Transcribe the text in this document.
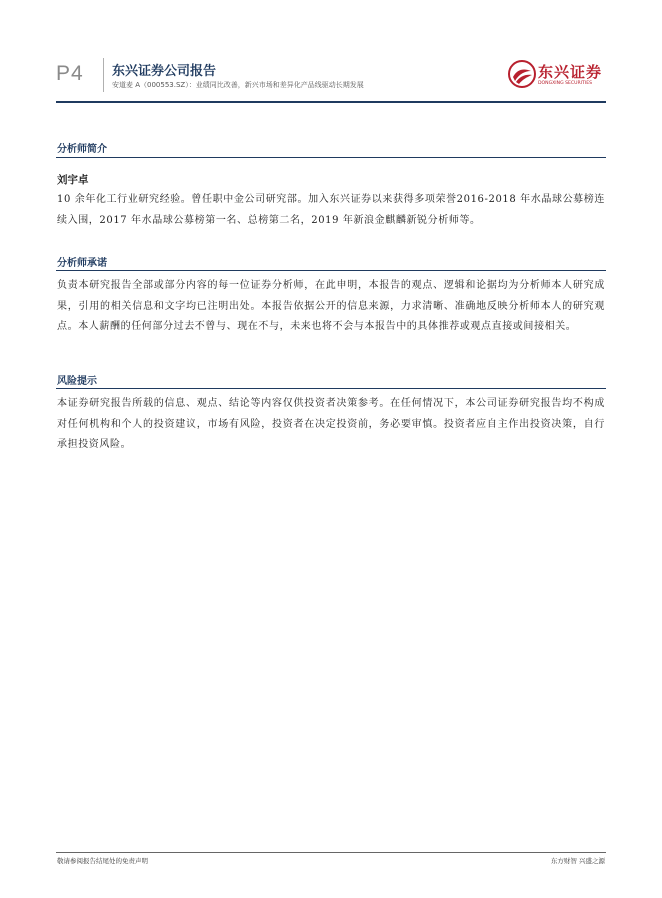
P4 东兴证券公司报告
安道麦 A（000553.SZ）：业绩同比改善，新兴市场和差异化产品线驱动长期发展
东兴证券
DONGXING SECURITIES
分析师简介
刘宇卓
10 余年化工行业研究经验。曾任职中金公司研究部。加入东兴证券以来获得多项荣誉2016-2018 年水晶球公募榜连续入围，2017 年水晶球公募榜第一名、总榜第二名，2019 年新浪金麒麟新锐分析师等。
分析师承诺
负责本研究报告全部或部分内容的每一位证券分析师，在此申明，本报告的观点、逻辑和论据均为分析师本人研究成果，引用的相关信息和文字均已注明出处。本报告依据公开的信息来源，力求清晰、准确地反映分析师本人的研究观点。本人薪酬的任何部分过去不曾与、现在不与，未来也将不会与本报告中的具体推荐或观点直接或间接相关。
风险提示
本证券研究报告所载的信息、观点、结论等内容仅供投资者决策参考。在任何情况下，本公司证券研究报告均不构成对任何机构和个人的投资建议，市场有风险，投资者在决定投资前，务必要审慎。投资者应自主作出投资决策，自行承担投资风险。
敬请参阅报告结尾处的免责声明	东方财智 兴盛之源
